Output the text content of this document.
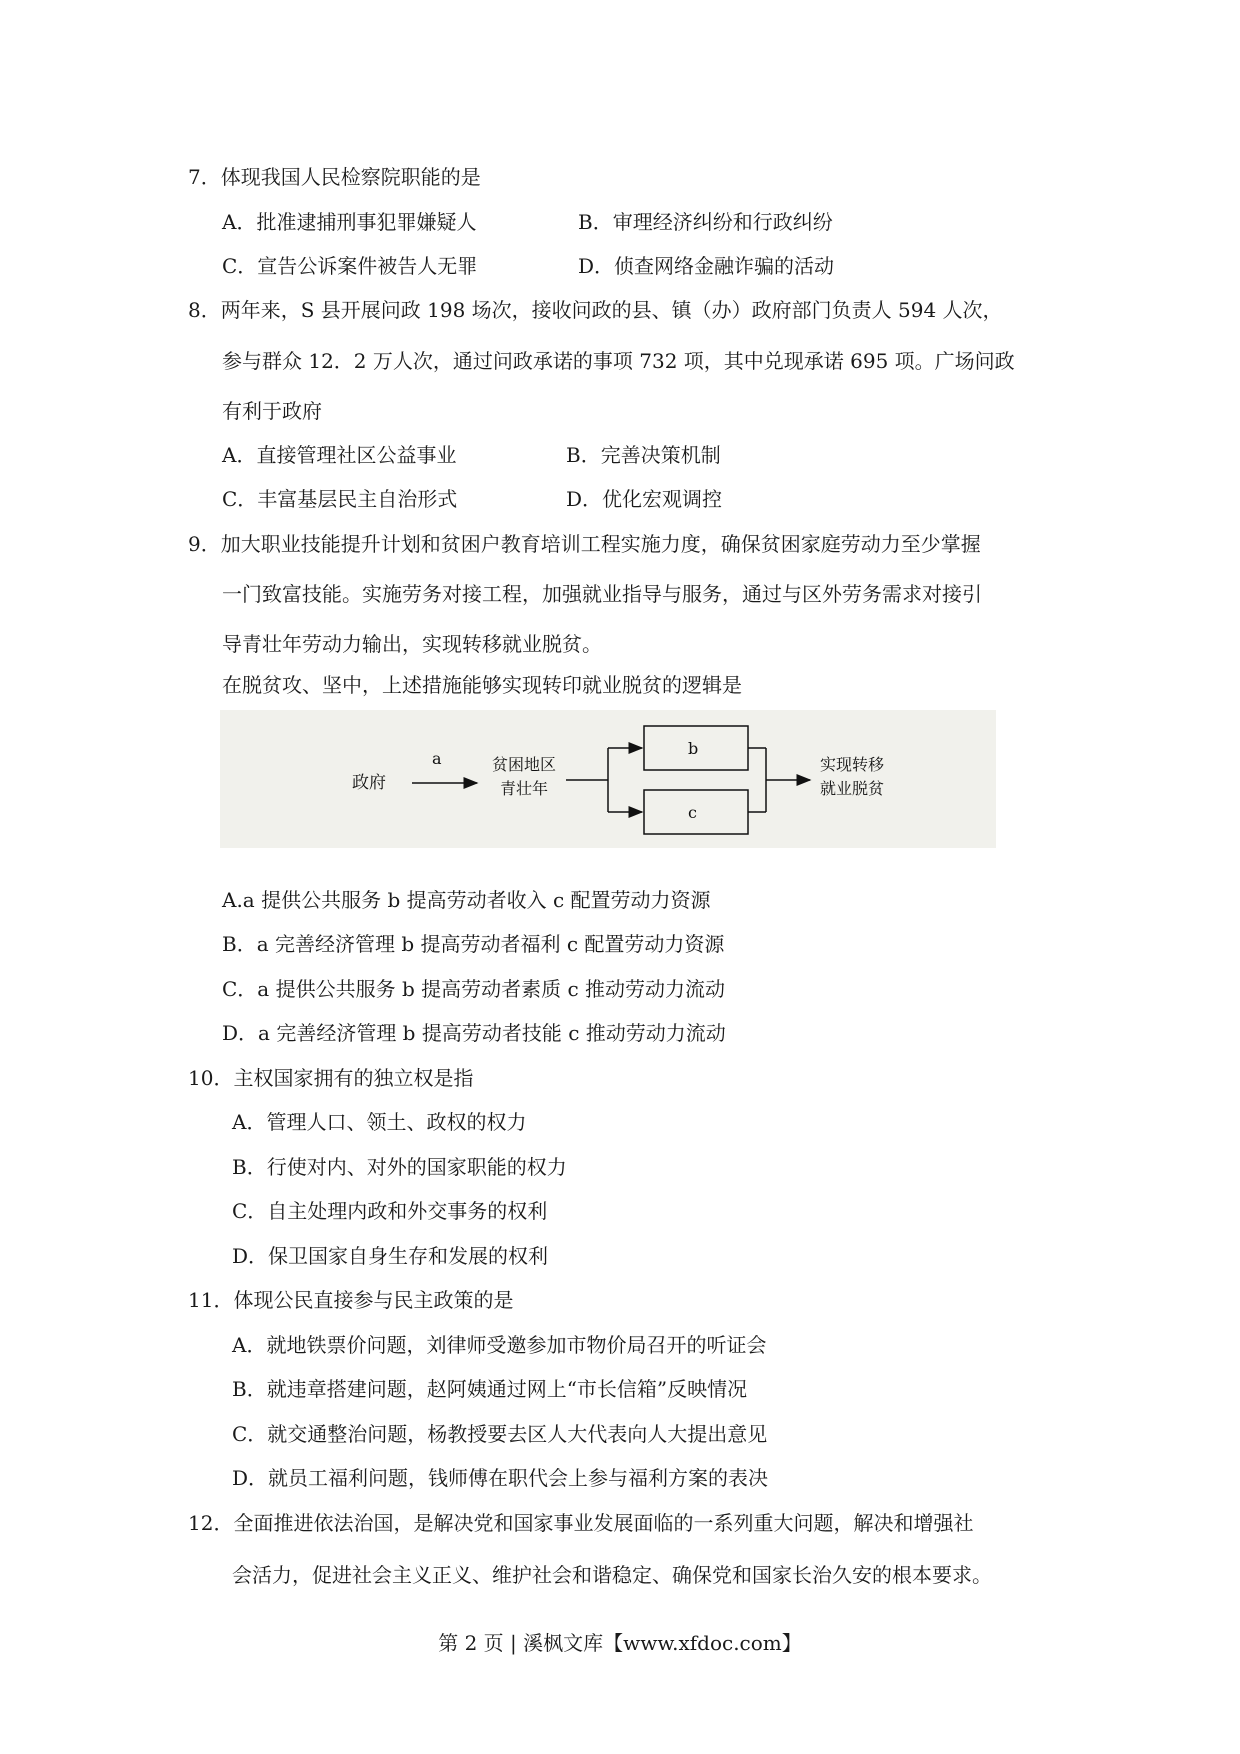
7．体现我国人民检察院职能的是
A．批准逮捕刑事犯罪嫌疑人	B．审理经济纠纷和行政纠纷
C．宣告公诉案件被告人无罪	D．侦查网络金融诈骗的活动
8．两年来，S 县开展问政 198 场次，接收问政的县、镇（办）政府部门负责人 594 人次，
参与群众 12．2 万人次，通过问政承诺的事项 732 项，其中兑现承诺 695 项。广场问政
有利于政府
A．直接管理社区公益事业	B．完善决策机制
C．丰富基层民主自治形式	D．优化宏观调控
9．加大职业技能提升计划和贫困户教育培训工程实施力度，确保贫困家庭劳动力至少掌握
一门致富技能。实施劳务对接工程，加强就业指导与服务，通过与区外劳务需求对接引
导青壮年劳动力输出，实现转移就业脱贫。
在脱贫攻、坚中，上述措施能够实现转印就业脱贫的逻辑是
政府
a	贫困地区
青壮年
b
c
实现转移
就业脱贫
A.a 提供公共服务 b 提高劳动者收入 c 配置劳动力资源
B．a 完善经济管理 b 提高劳动者福利 c 配置劳动力资源
C．a 提供公共服务 b 提高劳动者素质 c 推动劳动力流动
D．a 完善经济管理 b 提高劳动者技能 c 推动劳动力流动
10．主权国家拥有的独立权是指
A．管理人口、领土、政权的权力
B．行使对内、对外的国家职能的权力
C．自主处理内政和外交事务的权利
D．保卫国家自身生存和发展的权利
11．体现公民直接参与民主政策的是
A．就地铁票价问题，刘律师受邀参加市物价局召开的听证会
B．就违章搭建问题，赵阿姨通过网上“市长信箱”反映情况
C．就交通整治问题，杨教授要去区人大代表向人大提出意见
D．就员工福利问题，钱师傅在职代会上参与福利方案的表决
12．全面推进依法治国，是解决党和国家事业发展面临的一系列重大问题，解决和增强社
会活力，促进社会主义正义、维护社会和谐稳定、确保党和国家长治久安的根本要求。
第 2 页 | 溪枫文库【www.xfdoc.com】
